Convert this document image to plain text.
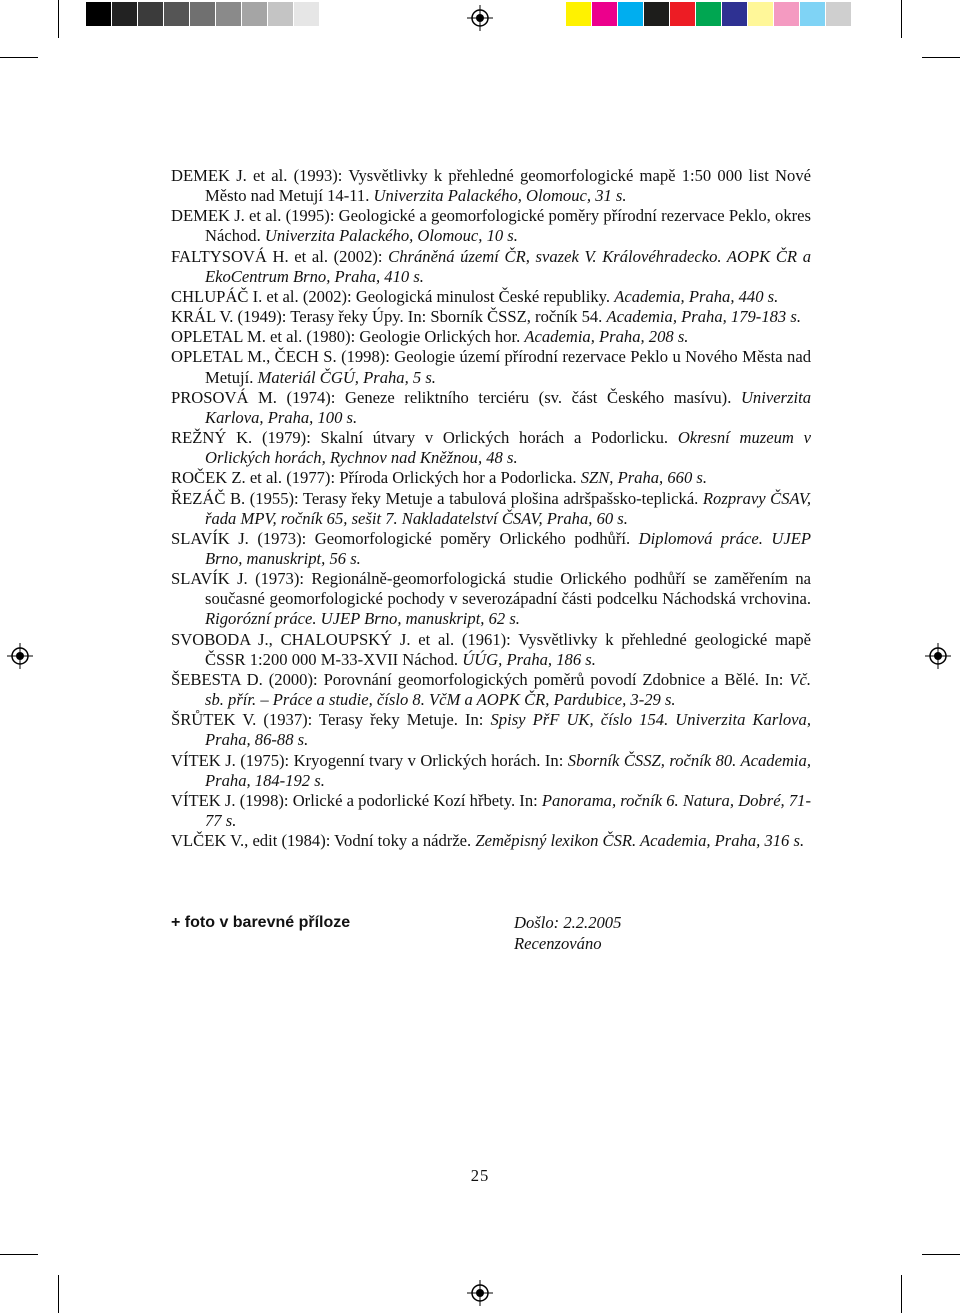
DEMEK J. et al. (1993): Vysvětlivky k přehledné geomorfologické mapě 1:50 000 list Nové Město nad Metují 14-11. Univerzita Palackého, Olomouc, 31 s.

DEMEK J. et al. (1995): Geologické a geomorfologické poměry přírodní rezervace Peklo, okres Náchod. Univerzita Palackého, Olomouc, 10 s.

FALTYSOVÁ H. et al. (2002): Chráněná území ČR, svazek V. Královéhradecko. AOPK ČR a EkoCentrum Brno, Praha, 410 s.

CHLUPÁČ I. et al. (2002): Geologická minulost České republiky. Academia, Praha, 440 s.

KRÁL V. (1949): Terasy řeky Úpy. In: Sborník ČSSZ, ročník 54. Academia, Praha, 179-183 s.

OPLETAL M. et al. (1980): Geologie Orlických hor. Academia, Praha, 208 s.

OPLETAL M., ČECH S. (1998): Geologie území přírodní rezervace Peklo u Nového Města nad Metují. Materiál ČGÚ, Praha, 5 s.

PROSOVÁ M. (1974): Geneze reliktního terciéru (sv. část Českého masívu). Univerzita Karlova, Praha, 100 s.

REŽNÝ K. (1979): Skalní útvary v Orlických horách a Podorlicku. Okresní muzeum v Orlických horách, Rychnov nad Kněžnou, 48 s.

ROČEK Z. et al. (1977): Příroda Orlických hor a Podorlicka. SZN, Praha, 660 s.

ŘEZÁČ B. (1955): Terasy řeky Metuje a tabulová plošina adršpašsko-teplická. Rozpravy ČSAV, řada MPV, ročník 65, sešit 7. Nakladatelství ČSAV, Praha, 60 s.

SLAVÍK J. (1973): Geomorfologické poměry Orlického podhůří. Diplomová práce. UJEP Brno, manuskript, 56 s.

SLAVÍK J. (1973): Regionálně-geomorfologická studie Orlického podhůří se zaměřením na současné geomorfologické pochody v severozápadní části podcelku Náchodská vrchovina. Rigorózní práce. UJEP Brno, manuskript, 62 s.

SVOBODA J., CHALOUPSKÝ J. et al. (1961): Vysvětlivky k přehledné geologické mapě ČSSR 1:200 000 M-33-XVII Náchod. ÚÚG, Praha, 186 s.

ŠEBESTA D. (2000): Porovnání geomorfologických poměrů povodí Zdobnice a Bělé. In: Vč. sb. přír. – Práce a studie, číslo 8. VčM a AOPK ČR, Pardubice, 3-29 s.

ŠRŮTEK V. (1937): Terasy řeky Metuje. In: Spisy PřF UK, číslo 154. Univerzita Karlova, Praha, 86-88 s.

VÍTEK J. (1975): Kryogenní tvary v Orlických horách. In: Sborník ČSSZ, ročník 80. Academia, Praha, 184-192 s.

VÍTEK J. (1998): Orlické a podorlické Kozí hřbety. In: Panorama, ročník 6. Natura, Dobré, 71-77 s.

VLČEK V., edit (1984): Vodní toky a nádrže. Zeměpisný lexikon ČSR. Academia, Praha, 316 s.

+ foto v barevné příloze	Došlo: 2.2.2005
Recenzováno
25
